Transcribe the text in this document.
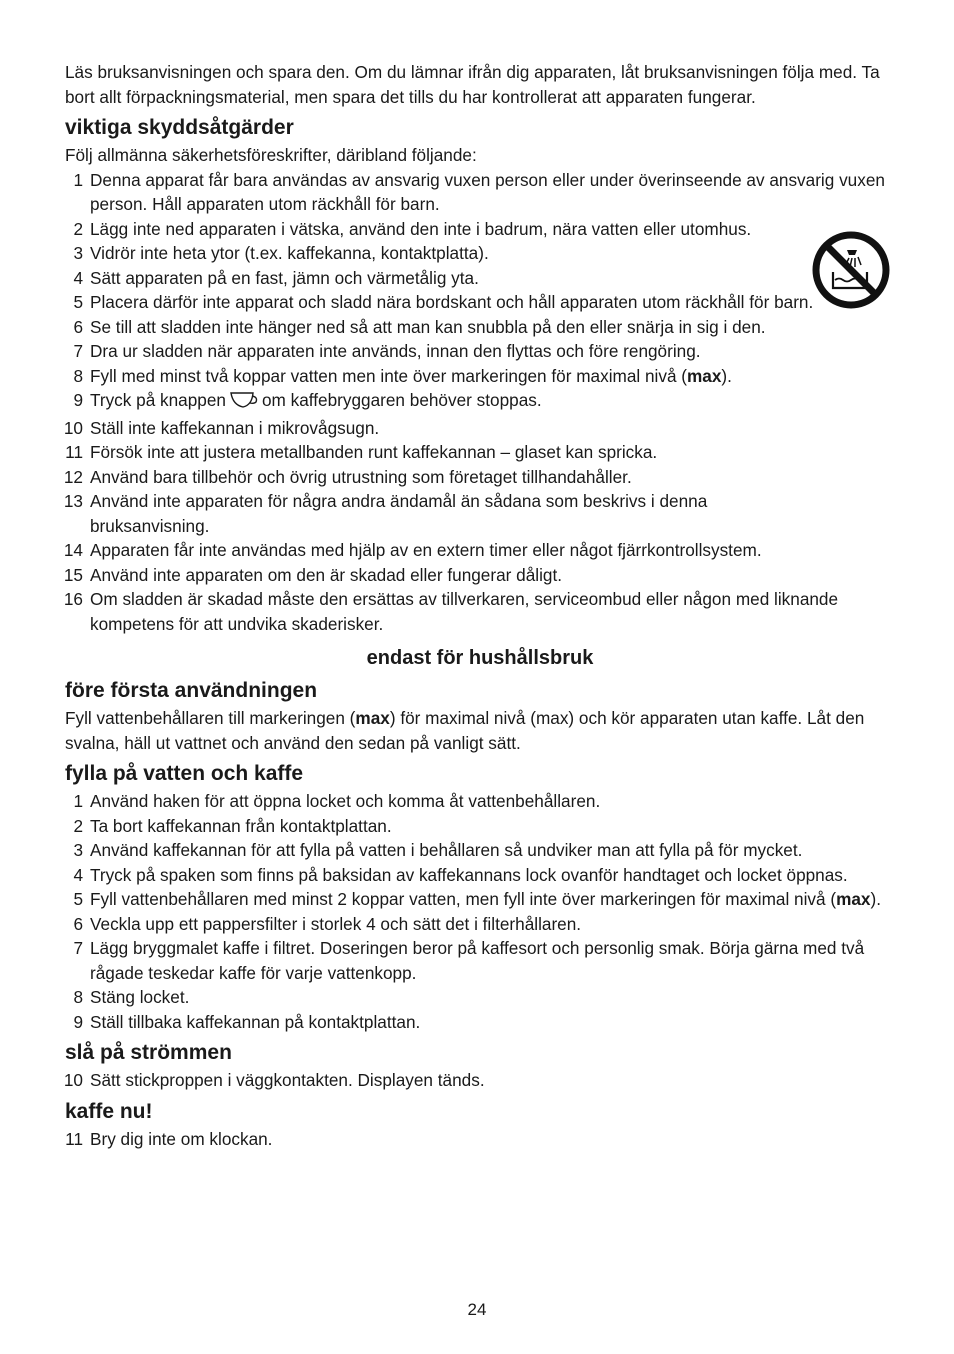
Läs bruksanvisningen och spara den. Om du lämnar ifrån dig apparaten, låt bruksanvisningen följa med. Ta bort allt förpackningsmaterial, men spara det tills du har kontrollerat att apparaten fungerar.

viktiga skyddsåtgärder

Följ allmänna säkerhetsföreskrifter, däribland följande:

1 Denna apparat får bara användas av ansvarig vuxen person eller under överinseende av ansvarig vuxen person. Håll apparaten utom räckhåll för barn.
2 Lägg inte ned apparaten i vätska, använd den inte i badrum, nära vatten eller utomhus.
3 Vidrör inte heta ytor (t.ex. kaffekanna, kontaktplatta).
4 Sätt apparaten på en fast, jämn och värmetålig yta.
5 Placera därför inte apparat och sladd nära bordskant och håll apparaten utom räckhåll för barn.
6 Se till att sladden inte hänger ned så att man kan snubbla på den eller snärja in sig i den.
7 Dra ur sladden när apparaten inte används, innan den flyttas och före rengöring.
8 Fyll med minst två koppar vatten men inte över markeringen för maximal nivå (max).
9 Tryck på knappen om kaffebryggaren behöver stoppas.
10 Ställ inte kaffekannan i mikrovågsugn.
11 Försök inte att justera metallbanden runt kaffekannan – glaset kan spricka.
12 Använd bara tillbehör och övrig utrustning som företaget tillhandahåller.
13 Använd inte apparaten för några andra ändamål än sådana som beskrivs i denna bruksanvisning.
14 Apparaten får inte användas med hjälp av en extern timer eller något fjärrkontrollsystem.
15 Använd inte apparaten om den är skadad eller fungerar dåligt.
16 Om sladden är skadad måste den ersättas av tillverkaren, serviceombud eller någon med liknande kompetens för att undvika skaderisker.
endast för hushållsbruk
före första användningen

Fyll vattenbehållaren till markeringen (max) för maximal nivå (max) och kör apparaten utan kaffe. Låt den svalna, häll ut vattnet och använd den sedan på vanligt sätt.

fylla på vatten och kaffe
1 Använd haken för att öppna locket och komma åt vattenbehållaren.
2 Ta bort kaffekannan från kontaktplattan.
3 Använd kaffekannan för att fylla på vatten i behållaren så undviker man att fylla på för mycket.
4 Tryck på spaken som finns på baksidan av kaffekannans lock ovanför handtaget och locket öppnas.
5 Fyll vattenbehållaren med minst 2 koppar vatten, men fyll inte över markeringen för maximal nivå (max).
6 Veckla upp ett pappersfilter i storlek 4 och sätt det i filterhållaren.
7 Lägg bryggmalet kaffe i filtret. Doseringen beror på kaffesort och personlig smak. Börja gärna med två rågade teskedar kaffe för varje vattenkopp.
8 Stäng locket.
9 Ställ tillbaka kaffekannan på kontaktplattan.
slå på strömmen
10 Sätt stickproppen i väggkontakten. Displayen tänds.
kaffe nu!
11 Bry dig inte om klockan.
24
